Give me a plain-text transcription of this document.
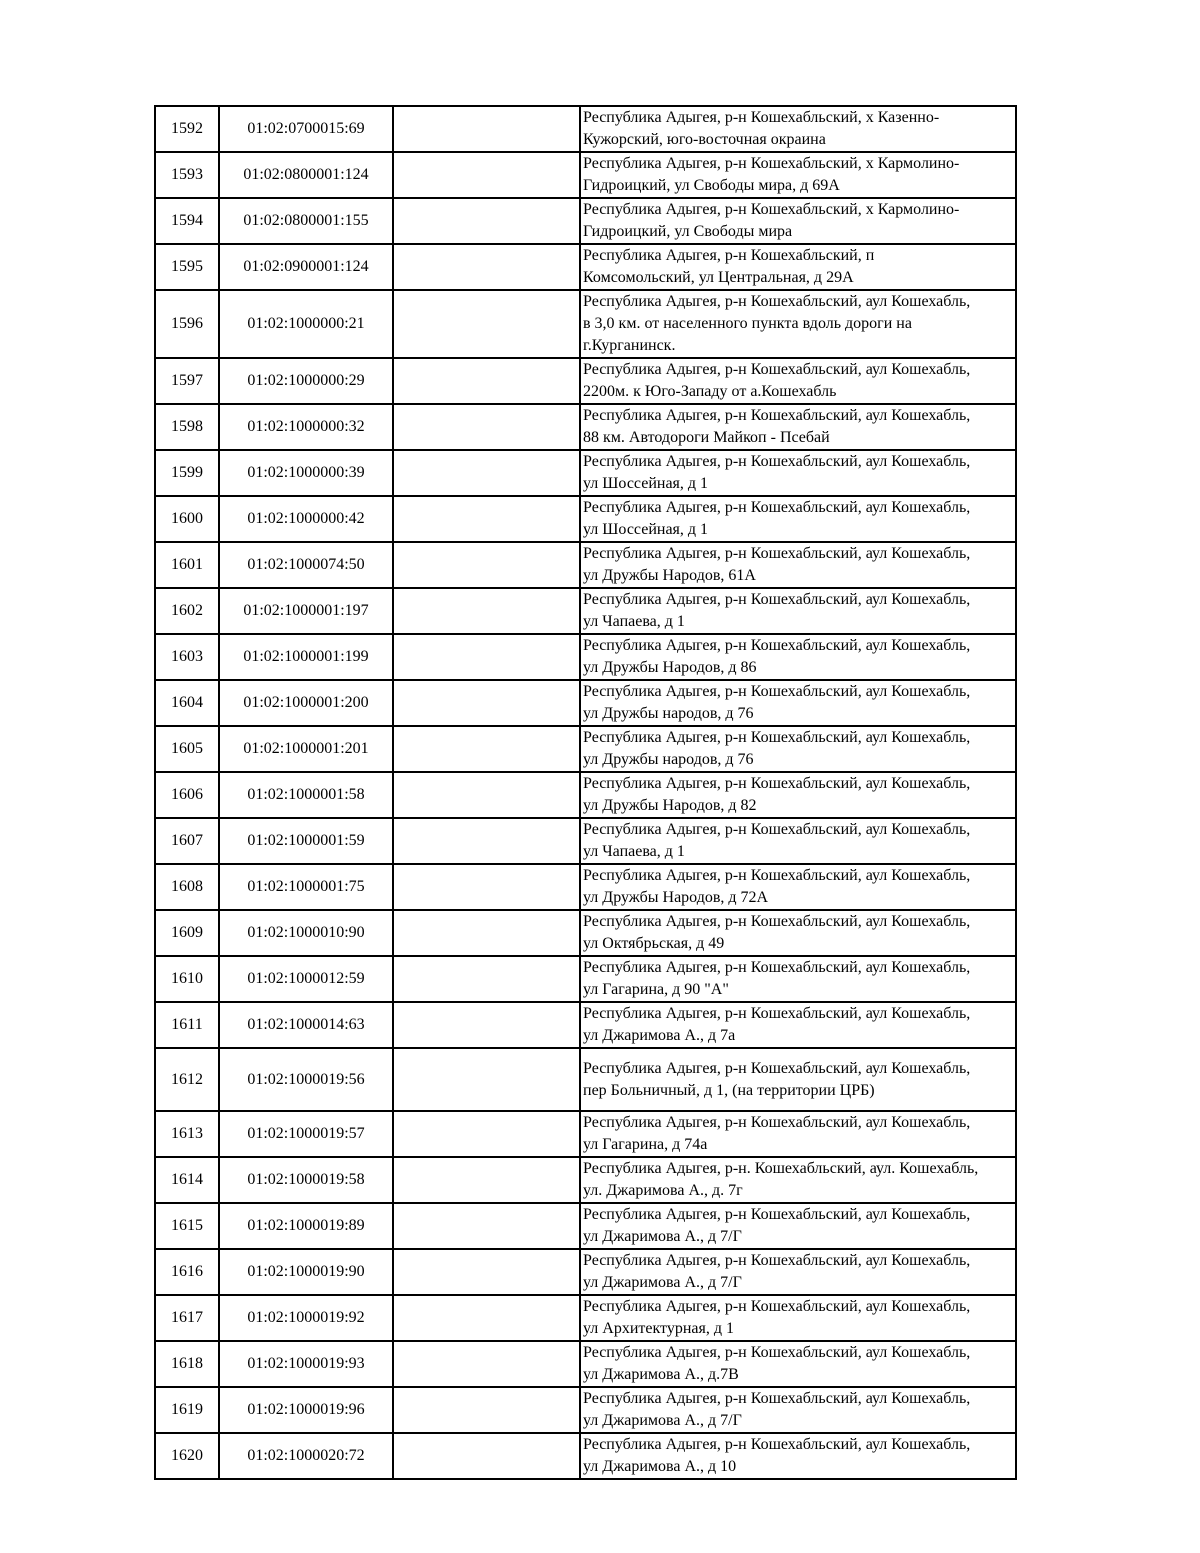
1592	01:02:0700015:69		Республика Адыгея, р-н Кошехабльский, х Казенно-
Кужорский, юго-восточная окраина
1593	01:02:0800001:124		Республика Адыгея, р-н Кошехабльский, х Кармолино-
Гидроицкий, ул Свободы мира, д 69А
1594	01:02:0800001:155		Республика Адыгея, р-н Кошехабльский, х Кармолино-
Гидроицкий, ул Свободы мира
1595	01:02:0900001:124		Республика Адыгея, р-н Кошехабльский, п
Комсомольский, ул Центральная, д 29А
1596	01:02:1000000:21		Республика Адыгея, р-н Кошехабльский, аул Кошехабль,
в 3,0 км. от населенного пункта вдоль дороги на
г.Курганинск.
1597	01:02:1000000:29		Республика Адыгея, р-н Кошехабльский, аул Кошехабль,
2200м. к Юго-Западу от а.Кошехабль
1598	01:02:1000000:32		Республика Адыгея, р-н Кошехабльский, аул Кошехабль,
88 км. Автодороги Майкоп - Псебай
1599	01:02:1000000:39		Республика Адыгея, р-н Кошехабльский, аул Кошехабль,
ул Шоссейная, д 1
1600	01:02:1000000:42		Республика Адыгея, р-н Кошехабльский, аул Кошехабль,
ул Шоссейная, д 1
1601	01:02:1000074:50		Республика Адыгея, р-н Кошехабльский, аул Кошехабль,
ул Дружбы Народов, 61А
1602	01:02:1000001:197		Республика Адыгея, р-н Кошехабльский, аул Кошехабль,
ул Чапаева, д 1
1603	01:02:1000001:199		Республика Адыгея, р-н Кошехабльский, аул Кошехабль,
ул Дружбы Народов, д 86
1604	01:02:1000001:200		Республика Адыгея, р-н Кошехабльский, аул Кошехабль,
ул Дружбы народов, д 76
1605	01:02:1000001:201		Республика Адыгея, р-н Кошехабльский, аул Кошехабль,
ул Дружбы народов, д 76
1606	01:02:1000001:58		Республика Адыгея, р-н Кошехабльский, аул Кошехабль,
ул Дружбы Народов, д 82
1607	01:02:1000001:59		Республика Адыгея, р-н Кошехабльский, аул Кошехабль,
ул Чапаева, д 1
1608	01:02:1000001:75		Республика Адыгея, р-н Кошехабльский, аул Кошехабль,
ул Дружбы Народов, д 72А
1609	01:02:1000010:90		Республика Адыгея, р-н Кошехабльский, аул Кошехабль,
ул Октябрьская, д 49
1610	01:02:1000012:59		Республика Адыгея, р-н Кошехабльский, аул Кошехабль,
ул Гагарина, д 90 "А"
1611	01:02:1000014:63		Республика Адыгея, р-н Кошехабльский, аул Кошехабль,
ул Джаримова А., д 7а
1612	01:02:1000019:56		Республика Адыгея, р-н Кошехабльский, аул Кошехабль,
пер Больничный, д 1, (на территории ЦРБ)
1613	01:02:1000019:57		Республика Адыгея, р-н Кошехабльский, аул Кошехабль,
ул Гагарина, д 74а
1614	01:02:1000019:58		Республика Адыгея, р-н. Кошехабльский, аул. Кошехабль,
ул. Джаримова А., д. 7г
1615	01:02:1000019:89		Республика Адыгея, р-н Кошехабльский, аул Кошехабль,
ул Джаримова А., д 7/Г
1616	01:02:1000019:90		Республика Адыгея, р-н Кошехабльский, аул Кошехабль,
ул Джаримова А., д 7/Г
1617	01:02:1000019:92		Республика Адыгея, р-н Кошехабльский, аул Кошехабль,
ул Архитектурная, д 1
1618	01:02:1000019:93		Республика Адыгея, р-н Кошехабльский, аул Кошехабль,
ул Джаримова А., д.7В
1619	01:02:1000019:96		Республика Адыгея, р-н Кошехабльский, аул Кошехабль,
ул Джаримова А., д 7/Г
1620	01:02:1000020:72		Республика Адыгея, р-н Кошехабльский, аул Кошехабль,
ул Джаримова А., д 10
